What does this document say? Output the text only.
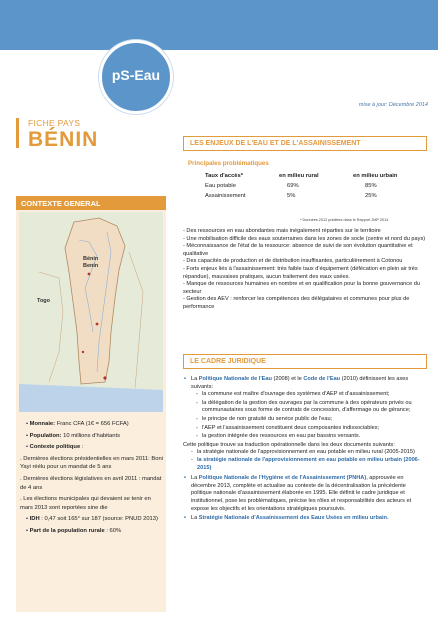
pS-Eau
mise à jour: Décembre 2014
FICHE PAYS
BÉNIN
CONTEXTE GENERAL
Bénin
Benin
Togo
• Monnaie: Franc CFA (1€ = 656 FCFA)
• Population: 10 millions d'habitants
• Contexte politique :
. Dernières élections présidentielles en mars 2011: Boni Yayi réélu pour un mandat de 5 ans
. Dernières élections législatives en avril 2011 : mandat de 4 ans
. Les élections municipales qui devaient se tenir en mars 2013 sont reportées sine die
• IDH : 0,47 soit 165° sur 187 (source: PNUD 2013)
• Part de la population rurale : 60%
LES ENJEUX DE L'EAU ET DE L'ASSAINISSEMENT
Principales problématiques
Taux d'accès*	en milieu rural	en milieu urbain
Eau potable	69%	85%
Assainissement	5%	25%
* Données 2012 publiées dans le Rapport JMP 2014
- Des ressources en eau abondantes mais inégalement réparties sur le territoire
- Une mobilisation difficile des eaux souterraines dans les zones de socle (centre et nord du pays)
- Méconnaissance de l'état de la ressource: absence de suivi de son évolution quantitative et qualitative
- Des capacités de production et de distribution insuffisantes, particulièrement à Cotonou
- Forts enjeux liés à l'assainissement: très faible taux d'équipement (défécation en plein air très répandue), mauvaises pratiques, aucun traitement des eaux usées.
- Manque de ressources humaines en nombre et en qualification pour la bonne gouvernance du secteur
- Gestion des AEV : renforcer les compétences des délégataires et communes pour plus de performance
LE CADRE JURIDIQUE
• La Politique Nationale de l'Eau (2008) et le Code de l'Eau (2010) définissent les axes suivants:
- la commune est maître d'ouvrage des systèmes d'AEP et d'assainissement;
- la délégation de la gestion des ouvrages par la commune à des opérateurs privés ou communautaires sous forme de contrats de concession, d'affermage ou de gérance;
- le principe de non gratuité du service public de l'eau;
- l'AEP et l'assainissement constituent deux composantes indissociables;
- la gestion intégrée des ressources en eau par bassins versants.
Cette politique trouve sa traduction opérationnelle dans les deux documents suivants:
- la stratégie nationale de l'approvisionnement en eau potable en milieu rural (2005-2015)
- la stratégie nationale de l'approvisionnement en eau potable en milieu urbain (2006-2015)
• La Politique Nationale de l'Hygiène et de l'Assainissement (PNHA), approuvée en décembre 2013, complète et actualise au contexte de la décentralisation la précédente politique nationale d'assainissement élaborée en 1995. Elle définit le cadre juridique et institutionnel, pose les problématiques, précise les rôles et responsabilités des acteurs et expose les objectifs et les orientations stratégiques poursuivis.
• La Stratégie Nationale d'Assainissement des Eaux Usées en milieu urbain.
